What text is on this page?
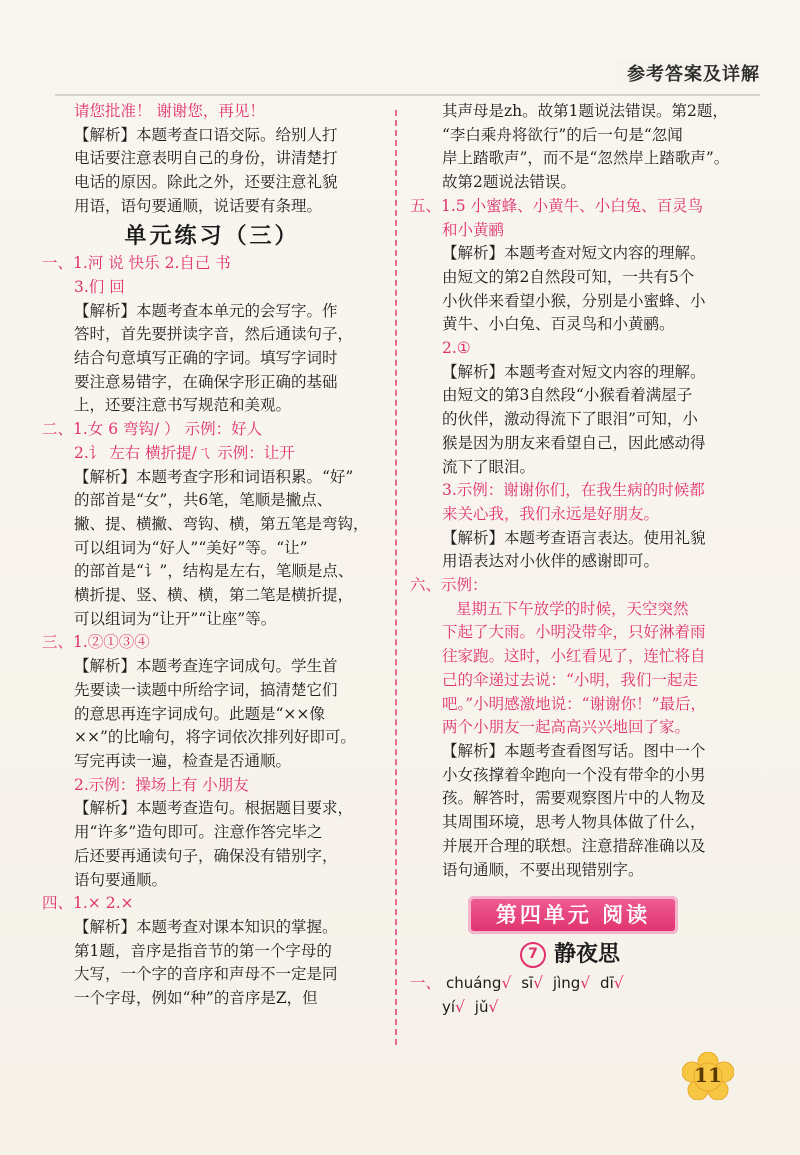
参考答案及详解
请您批准！ 谢谢您，再见！
【解析】本题考查口语交际。给别人打
电话要注意表明自己的身份，讲清楚打
电话的原因。除此之外，还要注意礼貌
用语，语句要通顺，说话要有条理。
单元练习（三）
一、1.河 说 快乐 2.自己 书
3.们 回
【解析】本题考查本单元的会写字。作
答时，首先要拼读字音，然后通读句子，
结合句意填写正确的字词。填写字词时
要注意易错字，在确保字形正确的基础
上，还要注意书写规范和美观。
二、1.女 6 弯钩/ ） 示例：好人
2.讠 左右 横折提/ㄟ 示例：让开
【解析】本题考查字形和词语积累。“好”
的部首是“女”，共6笔，笔顺是撇点、
撇、提、横撇、弯钩、横，第五笔是弯钩，
可以组词为“好人”“美好”等。“让”
的部首是“讠”，结构是左右，笔顺是点、
横折提、竖、横、横，第二笔是横折提，
可以组词为“让开”“让座”等。
三、1.②①③④
【解析】本题考查连字词成句。学生首
先要读一读题中所给字词，搞清楚它们
的意思再连字词成句。此题是“××像
××”的比喻句，将字词依次排列好即可。
写完再读一遍，检查是否通顺。
2.示例：操场上有 小朋友
【解析】本题考查造句。根据题目要求，
用“许多”造句即可。注意作答完毕之
后还要再通读句子，确保没有错别字，
语句要通顺。
四、1.× 2.×
【解析】本题考查对课本知识的掌握。
第1题，音序是指音节的第一个字母的
大写，一个字的音序和声母不一定是同
一个字母，例如“种”的音序是Z，但
其声母是zh。故第1题说法错误。第2题，
“李白乘舟将欲行”的后一句是“忽闻
岸上踏歌声”，而不是“忽然岸上踏歌声”。
故第2题说法错误。
五、1.5 小蜜蜂、小黄牛、小白兔、百灵鸟
和小黄鹂
【解析】本题考查对短文内容的理解。
由短文的第2自然段可知，一共有5个
小伙伴来看望小猴，分别是小蜜蜂、小
黄牛、小白兔、百灵鸟和小黄鹂。
2.①
【解析】本题考查对短文内容的理解。
由短文的第3自然段“小猴看着满屋子
的伙伴，激动得流下了眼泪”可知，小
猴是因为朋友来看望自己，因此感动得
流下了眼泪。
3.示例：谢谢你们，在我生病的时候都
来关心我，我们永远是好朋友。
【解析】本题考查语言表达。使用礼貌
用语表达对小伙伴的感谢即可。
六、示例：
星期五下午放学的时候，天空突然
下起了大雨。小明没带伞，只好淋着雨
往家跑。这时，小红看见了，连忙将自
己的伞递过去说：“小明，我们一起走
吧。”小明感激地说：“谢谢你！”最后，
两个小朋友一起高高兴兴地回了家。
【解析】本题考查看图写话。图中一个
小女孩撑着伞跑向一个没有带伞的小男
孩。解答时，需要观察图片中的人物及
其周围环境，思考人物具体做了什么，
并展开合理的联想。注意措辞准确以及
语句通顺，不要出现错别字。
第四单元 阅读
7 静夜思
一、 chuáng√ sī√ jìng√ dī√
yí√ jǔ√
11
